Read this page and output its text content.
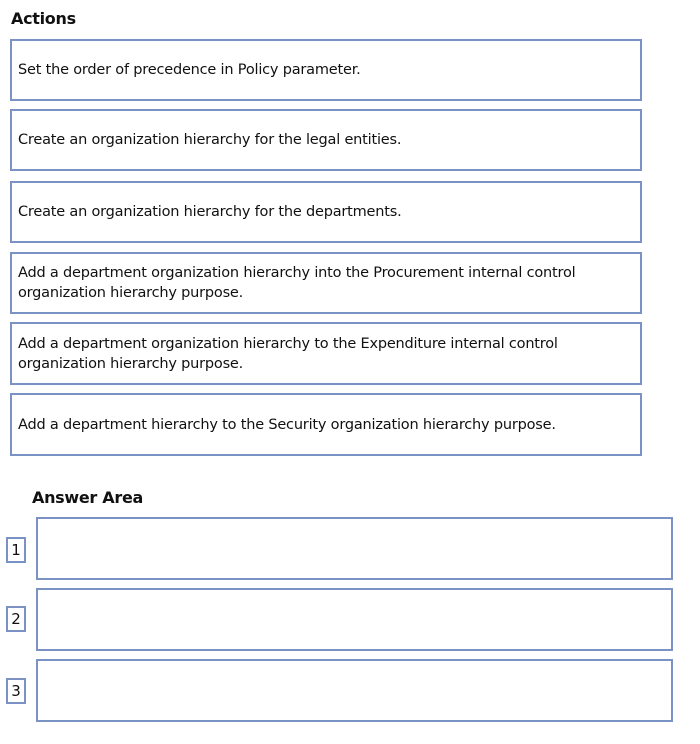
Actions
Set the order of precedence in Policy parameter.
Create an organization hierarchy for the legal entities.
Create an organization hierarchy for the departments.
Add a department organization hierarchy into the Procurement internal control organization hierarchy purpose.
Add a department organization hierarchy to the Expenditure internal control organization hierarchy purpose.
Add a department hierarchy to the Security organization hierarchy purpose.
Answer Area
1
2
3
